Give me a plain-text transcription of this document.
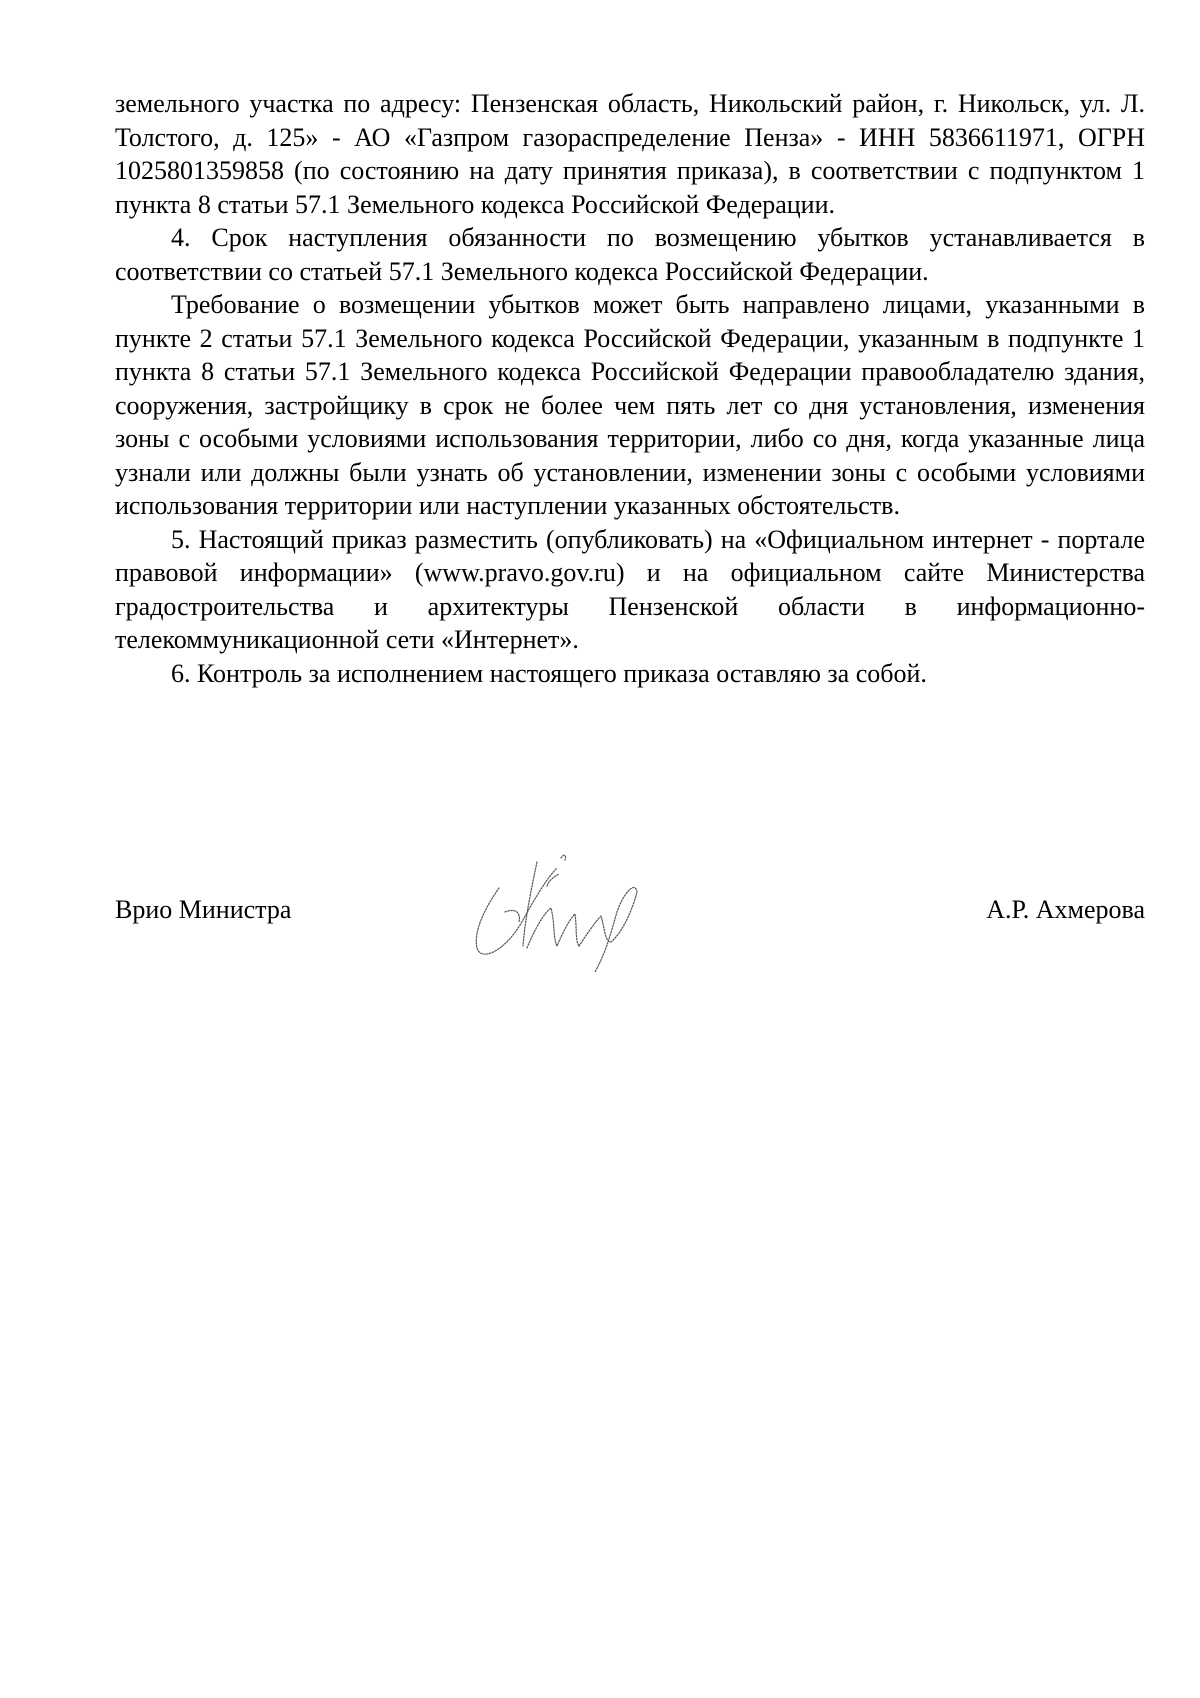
земельного участка по адресу: Пензенская область, Никольский район, г. Никольск, ул. Л. Толстого, д. 125» - АО «Газпром газораспределение Пенза» - ИНН 5836611971, ОГРН 1025801359858 (по состоянию на дату принятия приказа), в соответствии с подпунктом 1 пункта 8 статьи 57.1 Земельного кодекса Российской Федерации.

4. Срок наступления обязанности по возмещению убытков устанавливается в соответствии со статьей 57.1 Земельного кодекса Российской Федерации.

Требование о возмещении убытков может быть направлено лицами, указанными в пункте 2 статьи 57.1 Земельного кодекса Российской Федерации, указанным в подпункте 1 пункта 8 статьи 57.1 Земельного кодекса Российской Федерации правообладателю здания, сооружения, застройщику в срок не более чем пять лет со дня установления, изменения зоны с особыми условиями использования территории, либо со дня, когда указанные лица узнали или должны были узнать об установлении, изменении зоны с особыми условиями использования территории или наступлении указанных обстоятельств.

5. Настоящий приказ разместить (опубликовать) на «Официальном интернет - портале правовой информации» (www.pravo.gov.ru) и на официальном сайте Министерства градостроительства и архитектуры Пензенской области в информационно-телекоммуникационной сети «Интернет».

6. Контроль за исполнением настоящего приказа оставляю за собой.

Врио Министра	А.Р. Ахмерова
